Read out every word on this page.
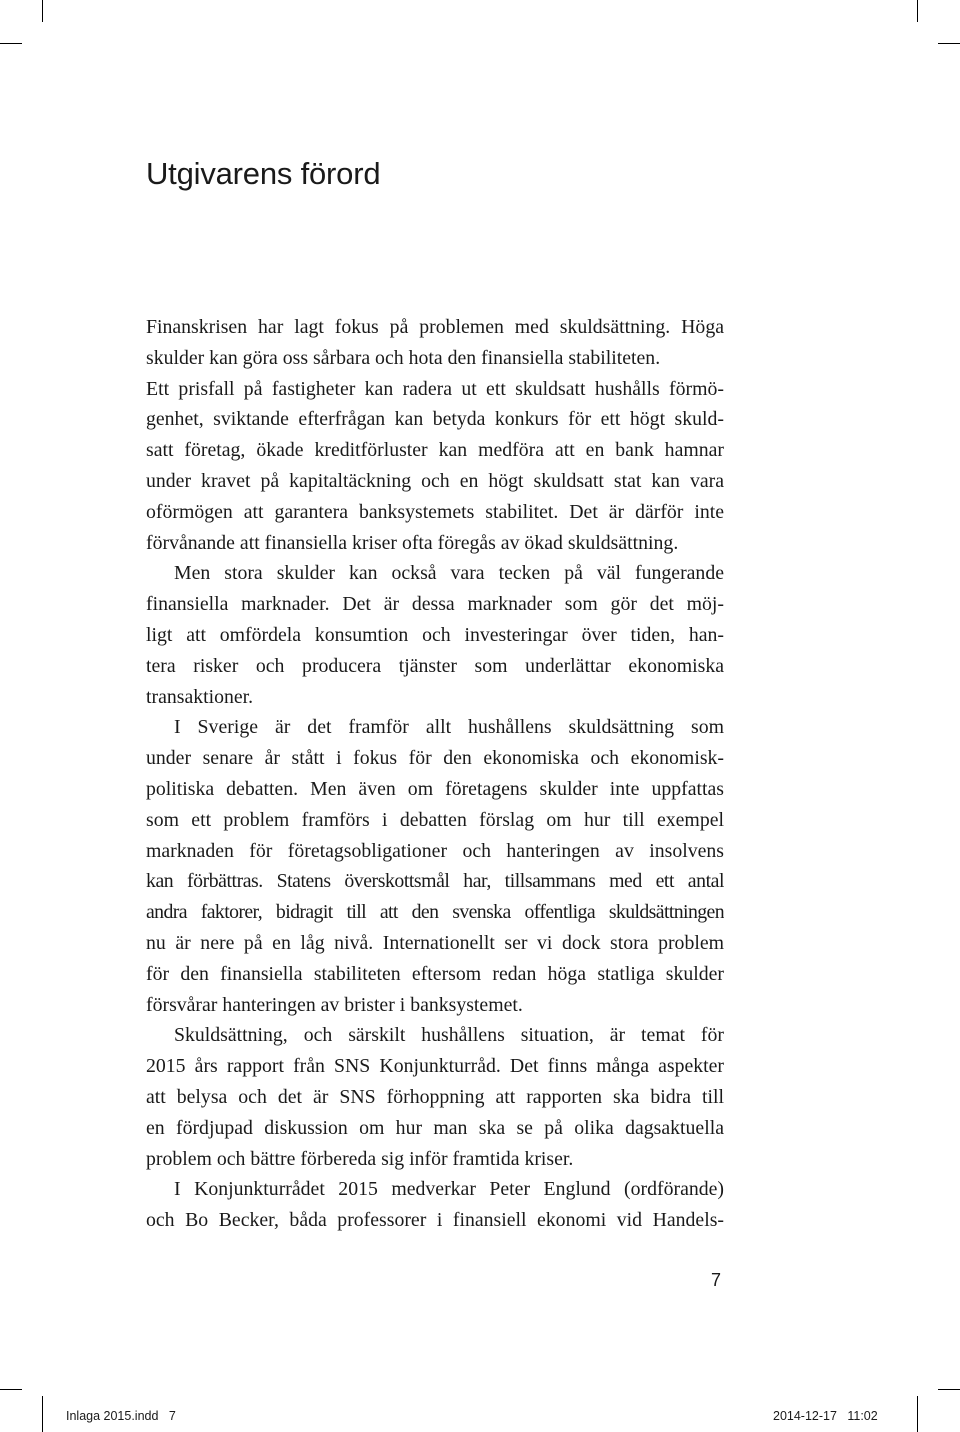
Utgivarens förord
Finanskrisen har lagt fokus på problemen med skuldsättning. Höga
skulder kan göra oss sårbara och hota den finansiella stabiliteten.
Ett prisfall på fastigheter kan radera ut ett skuldsatt hushålls förmö-
genhet, sviktande efterfrågan kan betyda konkurs för ett högt skuld-
satt företag, ökade kreditförluster kan medföra att en bank hamnar
under kravet på kapitaltäckning och en högt skuldsatt stat kan vara
oförmögen att garantera banksystemets stabilitet. Det är därför inte
förvånande att finansiella kriser ofta föregås av ökad skuldsättning.
Men stora skulder kan också vara tecken på väl fungerande
finansiella marknader. Det är dessa marknader som gör det möj-
ligt att omfördela konsumtion och investeringar över tiden, han-
tera risker och producera tjänster som underlättar ekonomiska
transaktioner.
I Sverige är det framför allt hushållens skuldsättning som
under senare år stått i fokus för den ekonomiska och ekonomisk-
politiska debatten. Men även om företagens skulder inte uppfattas
som ett problem framförs i debatten förslag om hur till exempel
marknaden för företagsobligationer och hanteringen av insolvens
kan förbättras. Statens överskottsmål har, tillsammans med ett antal
andra faktorer, bidragit till att den svenska offentliga skuldsättningen
nu är nere på en låg nivå. Internationellt ser vi dock stora problem
för den finansiella stabiliteten eftersom redan höga statliga skulder
försvårar hanteringen av brister i banksystemet.
Skuldsättning, och särskilt hushållens situation, är temat för
2015 års rapport från SNS Konjunkturråd. Det finns många aspekter
att belysa och det är SNS förhoppning att rapporten ska bidra till
en fördjupad diskussion om hur man ska se på olika dagsaktuella
problem och bättre förbereda sig inför framtida kriser.
I Konjunkturrådet 2015 medverkar Peter Englund (ordförande)
och Bo Becker, båda professorer i finansiell ekonomi vid Handels-
7
Inlaga 2015.indd   7	2014-12-17   11:02
